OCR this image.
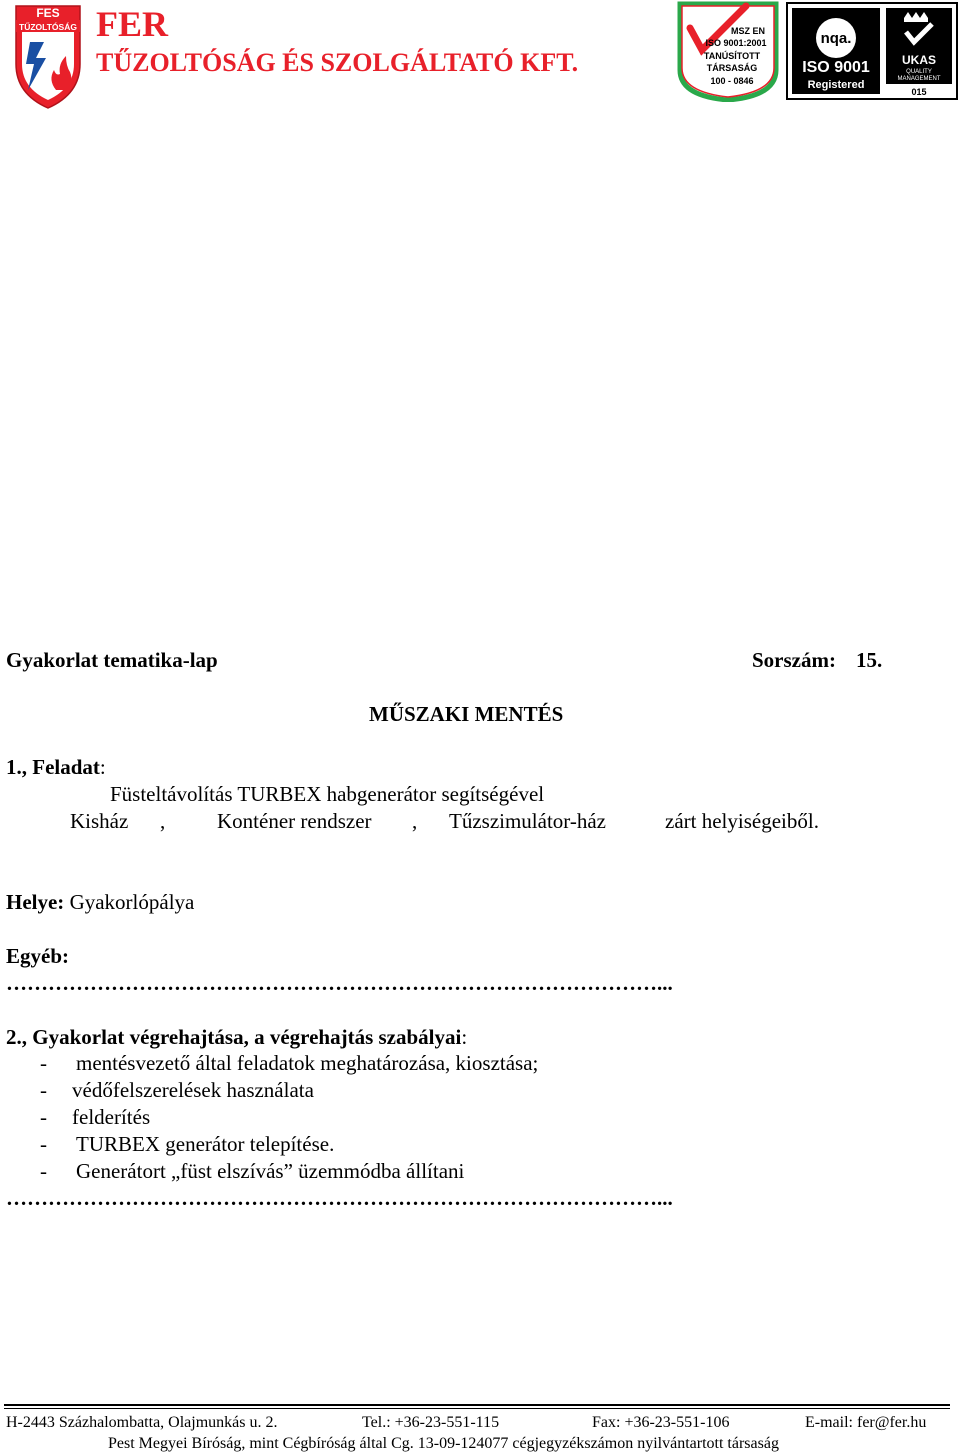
FES
TŰZOLTÓSÁG FER
TŰZOLTÓSÁG ÉS SZOLGÁLTATÓ KFT.
MSZ EN
ISO 9001:2001
TANÚSÍTOTT
TÁRSASÁG
100 - 0846
nqa.
ISO 9001
Registered
UKAS
QUALITY
MANAGEMENT
015
Gyakorlat tematika-lap	Sorszám: 15.
MŰSZAKI MENTÉS
1., Feladat:
Füsteltávolítás TURBEX habgenerátor segítségével
Kisház , Konténer rendszer , Tűzszimulátor-ház	zárt helyiségeiből.
Helye: Gyakorlópálya
Egyéb:
…………………………………………………………………………………...
2., Gyakorlat végrehajtása, a végrehajtás szabályai:
- mentésvezető által feladatok meghatározása, kiosztása;
- védőfelszerelések használata
- felderítés
- TURBEX generátor telepítése.
- Generátort „füst elszívás” üzemmódba állítani
…………………………………………………………………………………...
H-2443 Százhalombatta, Olajmunkás u. 2.	Tel.: +36-23-551-115	Fax: +36-23-551-106	E-mail: fer@fer.hu
Pest Megyei Bíróság, mint Cégbíróság által Cg. 13-09-124077 cégjegyzékszámon nyilvántartott társaság
